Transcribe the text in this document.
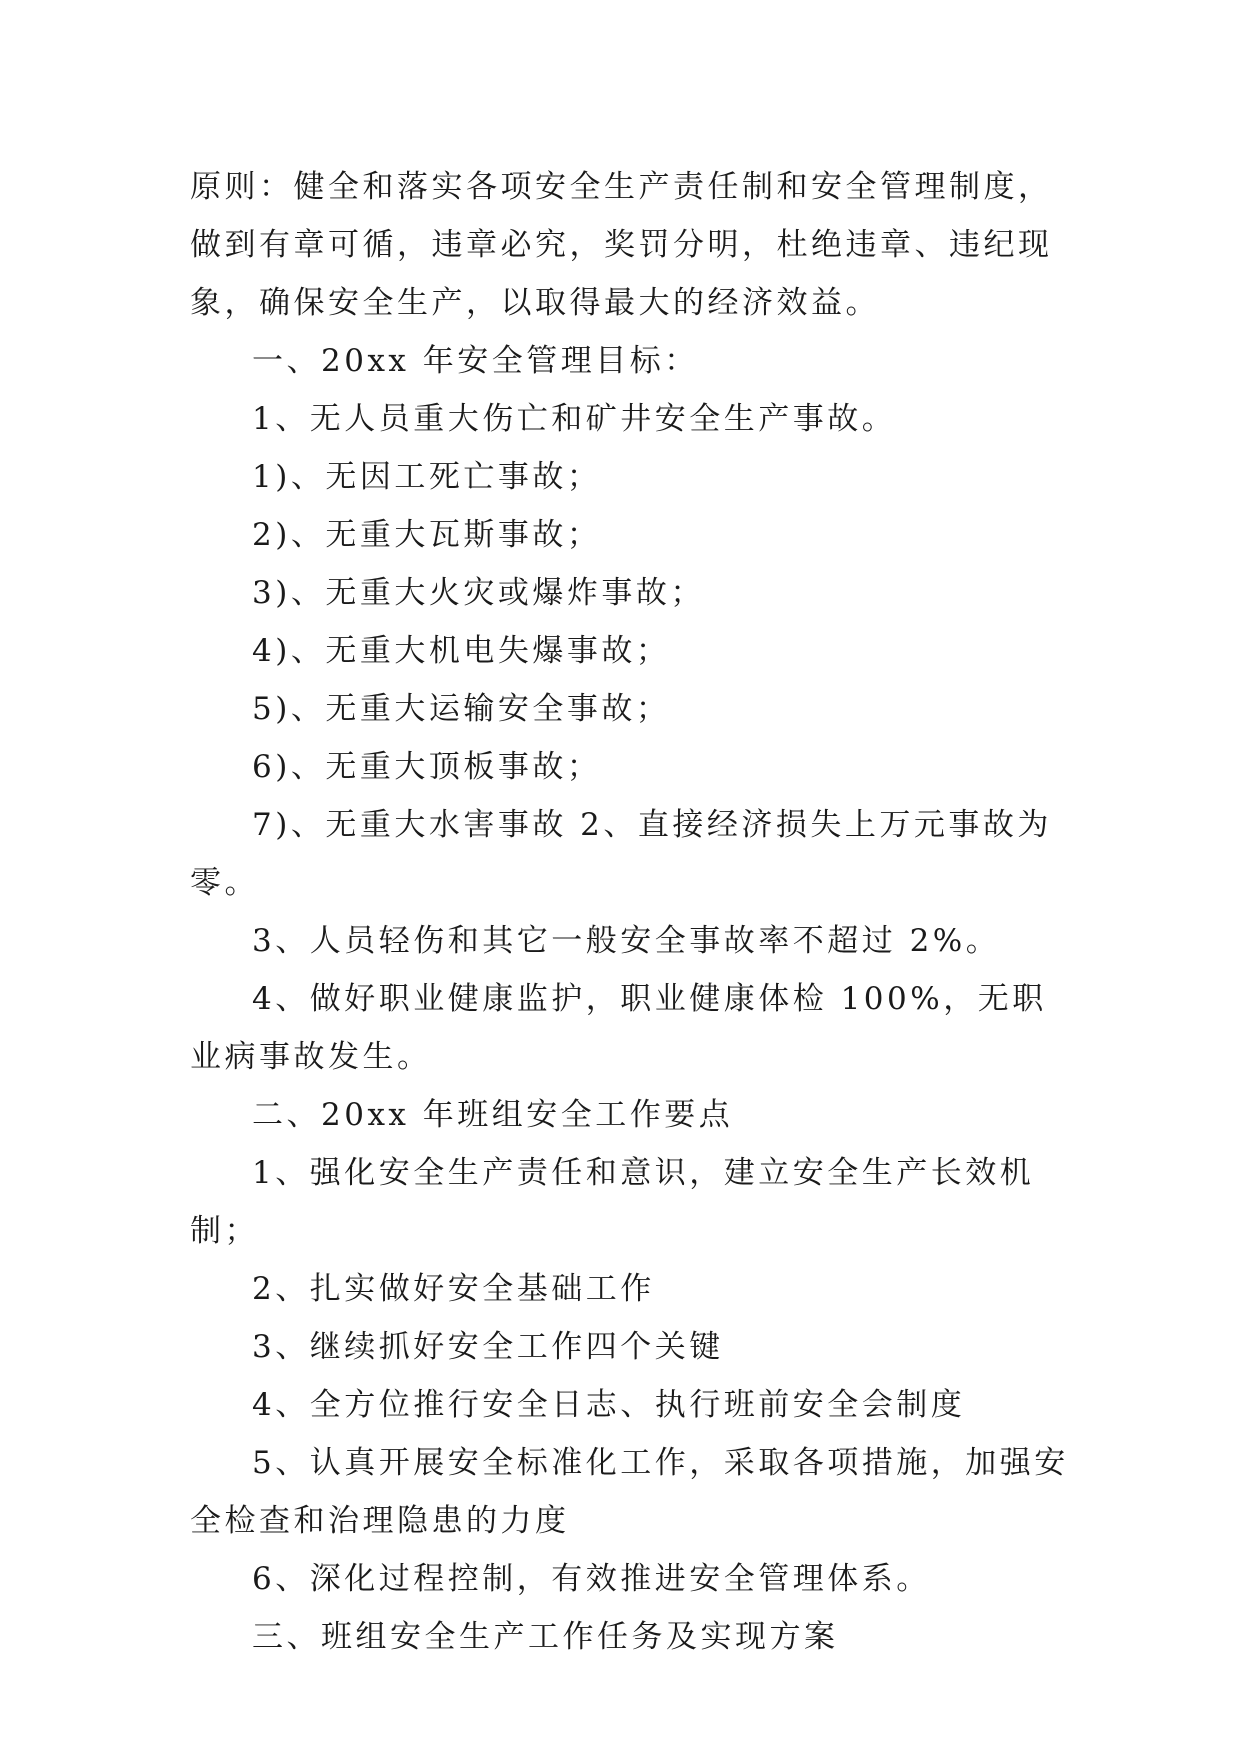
原则：健全和落实各项安全生产责任制和安全管理制度，做到有章可循，违章必究，奖罚分明，杜绝违章、违纪现象，确保安全生产，以取得最大的经济效益。

一、20xx 年安全管理目标：

1、无人员重大伤亡和矿井安全生产事故。

1)、无因工死亡事故；

2)、无重大瓦斯事故；

3)、无重大火灾或爆炸事故；

4)、无重大机电失爆事故；

5)、无重大运输安全事故；

6)、无重大顶板事故；

7)、无重大水害事故 2、直接经济损失上万元事故为零。

3、人员轻伤和其它一般安全事故率不超过 2%。

4、做好职业健康监护，职业健康体检 100%，无职业病事故发生。

二、20xx 年班组安全工作要点

1、强化安全生产责任和意识，建立安全生产长效机制；

2、扎实做好安全基础工作

3、继续抓好安全工作四个关键

4、全方位推行安全日志、执行班前安全会制度

5、认真开展安全标准化工作，采取各项措施，加强安全检查和治理隐患的力度

6、深化过程控制，有效推进安全管理体系。

三、班组安全生产工作任务及实现方案
